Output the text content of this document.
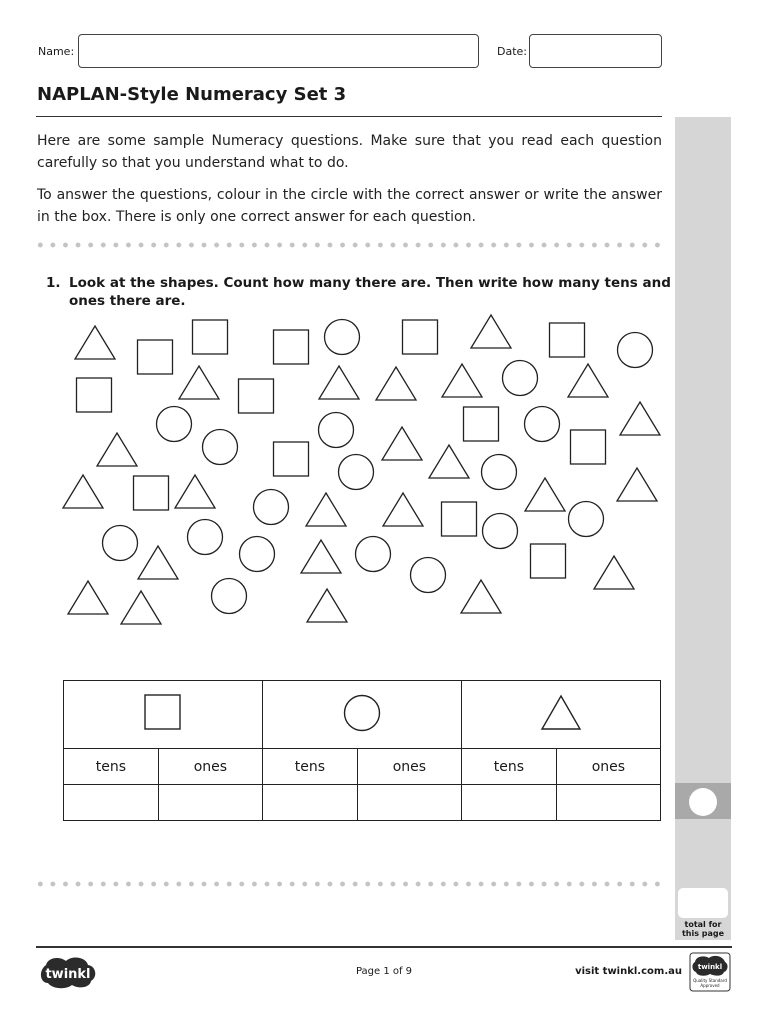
Name:	Date:
NAPLAN-Style Numeracy Set 3
total for
this page
Here are some sample Numeracy questions. Make sure that you read each question carefully so that you understand what to do.
To answer the questions, colour in the circle with the correct answer or write the answer in the box. There is only one correct answer for each question.
1. Look at the shapes. Count how many there are. Then write how many tens and
ones there are.

tens	ones	tens	ones	tens	ones

twinkl	Page 1 of 9	visit twinkl.com.au twinkl
Quality Standard
Approved
